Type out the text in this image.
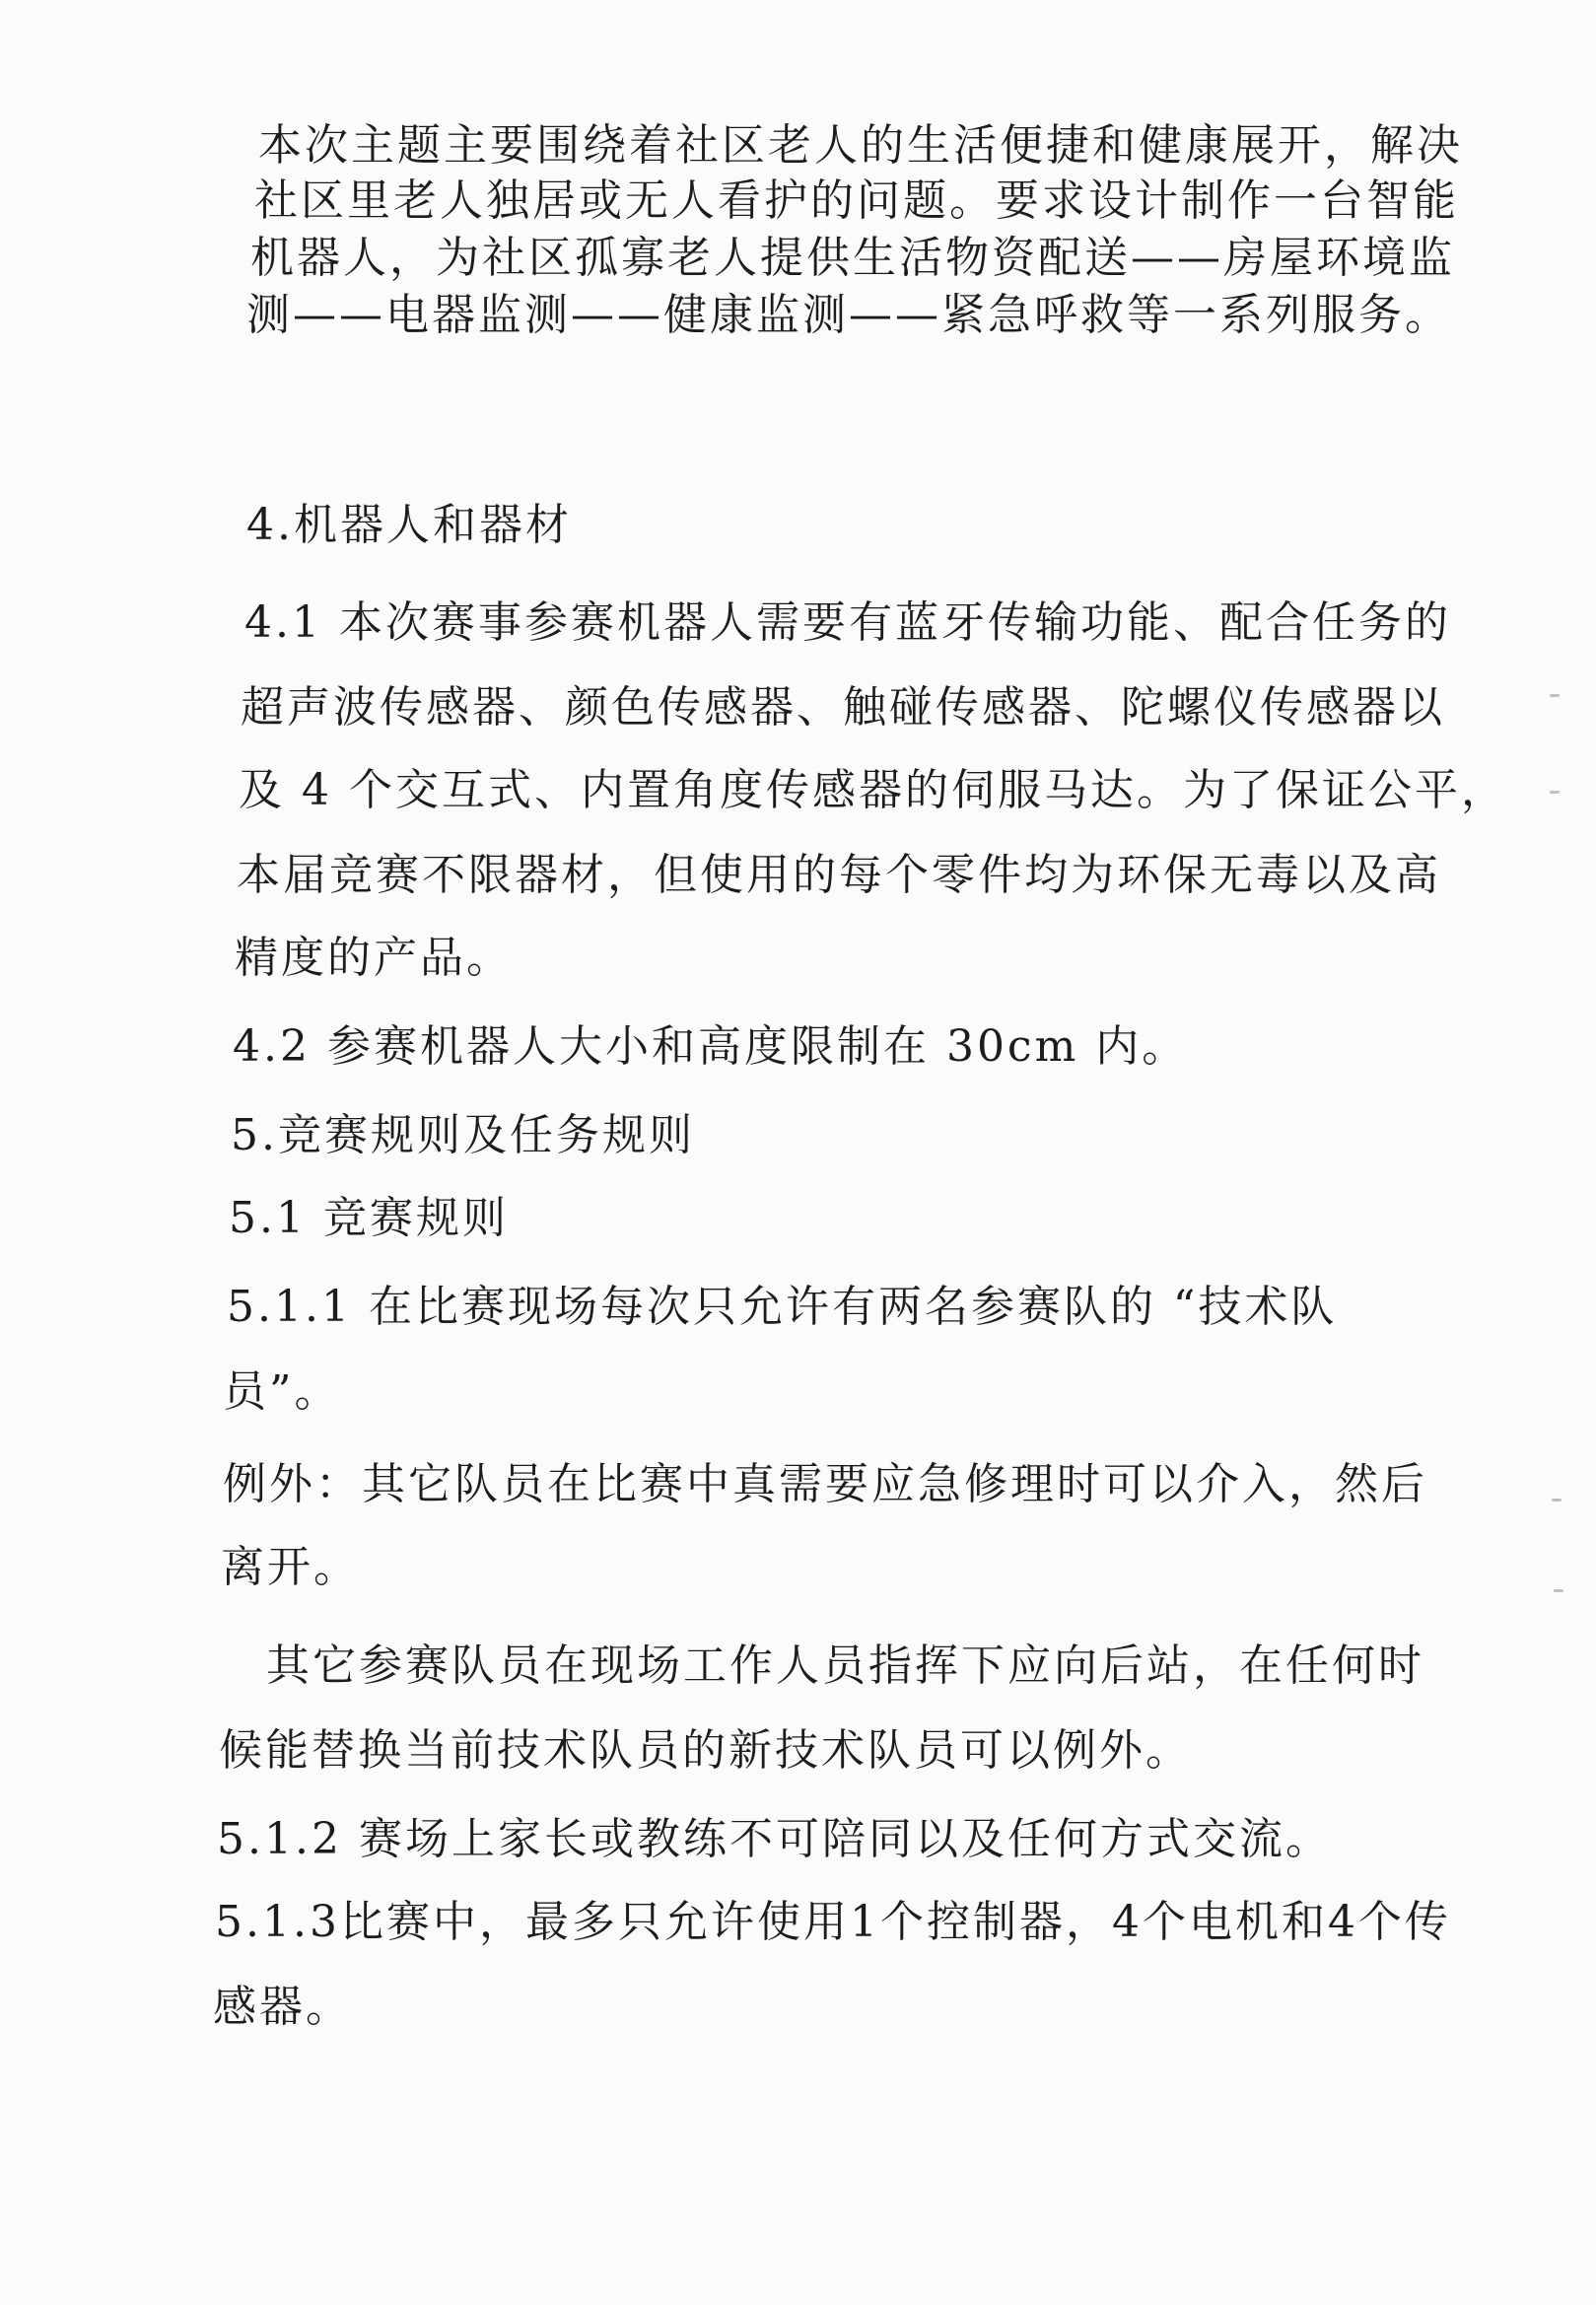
本次主题主要围绕着社区老人的生活便捷和健康展开，解决
社区里老人独居或无人看护的问题。要求设计制作一台智能
机器人，为社区孤寡老人提供生活物资配送——房屋环境监
测——电器监测——健康监测——紧急呼救等一系列服务。
4.机器人和器材
4.1 本次赛事参赛机器人需要有蓝牙传输功能、配合任务的
超声波传感器、颜色传感器、触碰传感器、陀螺仪传感器以
及 4 个交互式、内置角度传感器的伺服马达。为了保证公平，
本届竞赛不限器材，但使用的每个零件均为环保无毒以及高
精度的产品。
4.2 参赛机器人大小和高度限制在 30cm 内。
5.竞赛规则及任务规则
5.1 竞赛规则
5.1.1 在比赛现场每次只允许有两名参赛队的 “技术队
员”。
例外：其它队员在比赛中真需要应急修理时可以介入，然后
离开。
其它参赛队员在现场工作人员指挥下应向后站，在任何时
候能替换当前技术队员的新技术队员可以例外。
5.1.2 赛场上家长或教练不可陪同以及任何方式交流。
5.1.3比赛中，最多只允许使用1个控制器，4个电机和4个传
感器。
